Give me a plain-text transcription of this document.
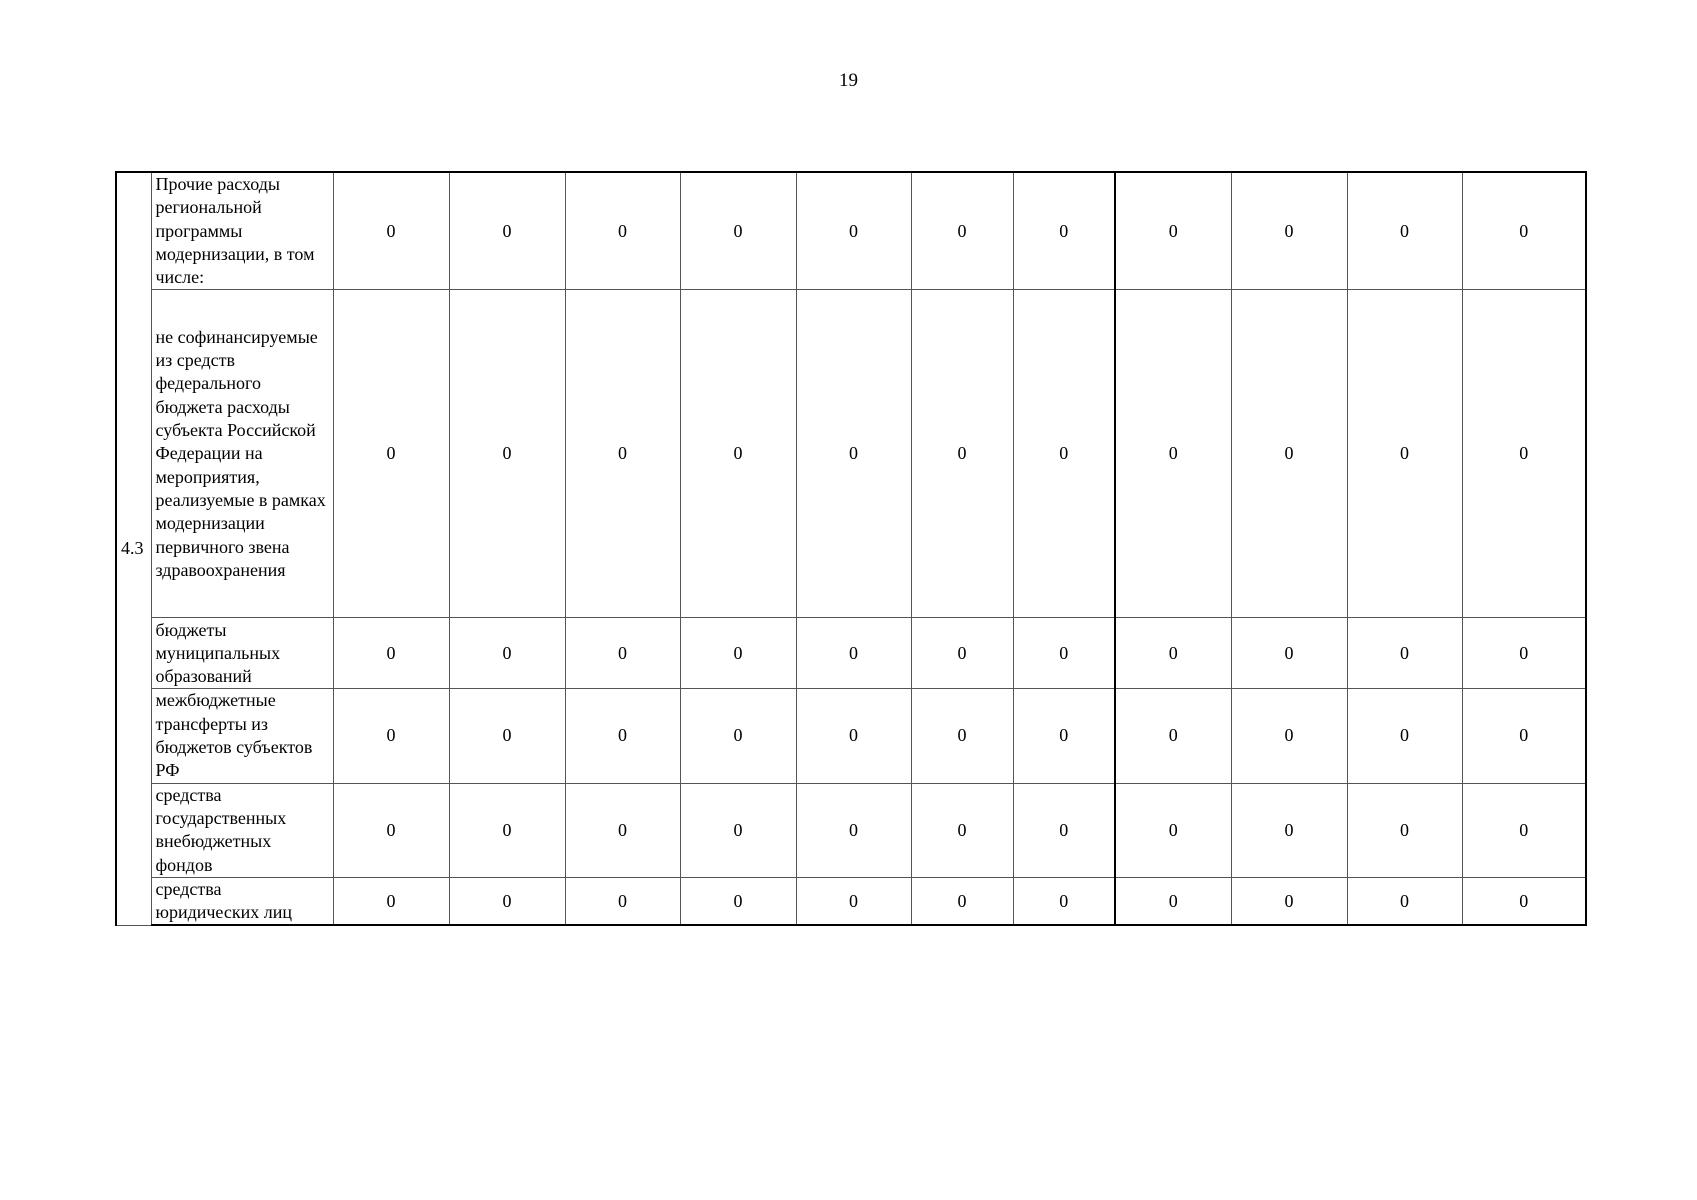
19
4.3	Прочие расходы региональной программы модернизации, в том числе:	0	0	0	0	0	0	0	0	0	0	0
	не софинансируемые из средств федерального бюджета расходы субъекта Российской Федерации на мероприятия, реализуемые в рамках модернизации первичного звена здравоохранения	0	0	0	0	0	0	0	0	0	0	0
	бюджеты муниципальных образований	0	0	0	0	0	0	0	0	0	0	0
	межбюджетные трансферты из бюджетов субъектов РФ	0	0	0	0	0	0	0	0	0	0	0
	средства государственных внебюджетных фондов	0	0	0	0	0	0	0	0	0	0	0
	средства юридических лиц	0	0	0	0	0	0	0	0	0	0	0
